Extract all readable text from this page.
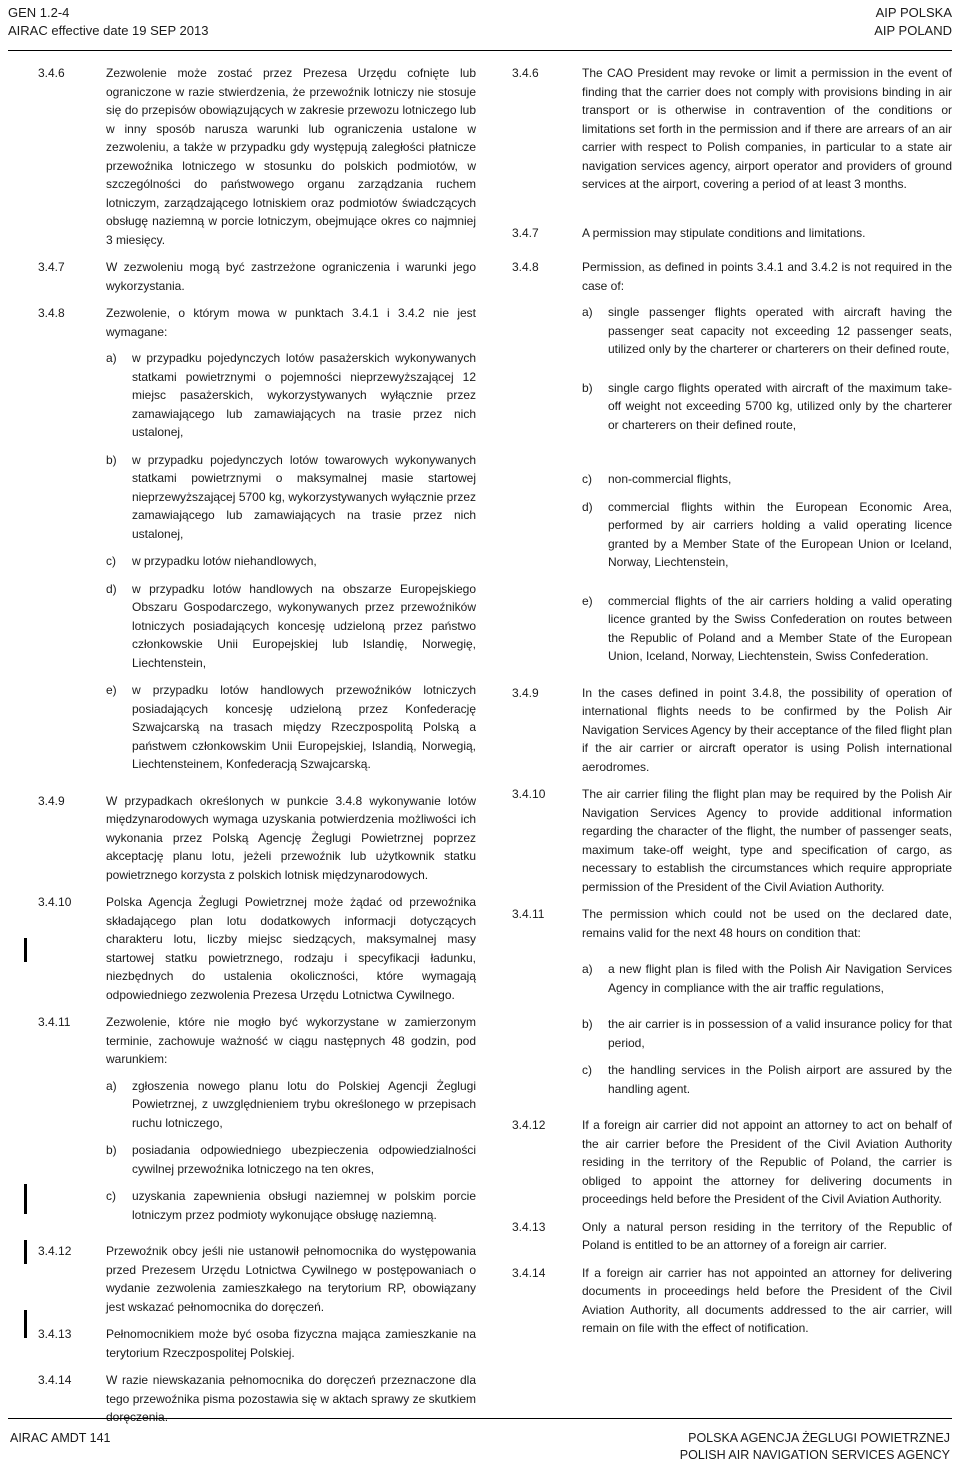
GEN 1.2-4
AIRAC effective date 19 SEP 2013
AIP POLSKA
AIP POLAND
3.4.6	Zezwolenie może zostać przez Prezesa Urzędu cofnięte lub ograniczone w razie stwierdzenia, że przewoźnik lotniczy nie stosuje się do przepisów obowiązujących w zakresie przewozu lotniczego lub w inny sposób narusza warunki lub ograniczenia ustalone w zezwoleniu, a także w przypadku gdy występują zaległości płatnicze przewoźnika lotniczego w stosunku do polskich podmiotów, w szczególności do państwowego organu zarządzania ruchem lotniczym, zarządzającego lotniskiem oraz podmiotów świadczących obsługę naziemną w porcie lotniczym, obejmujące okres co najmniej 3 miesięcy.

3.4.7	W zezwoleniu mogą być zastrzeżone ograniczenia i warunki jego wykorzystania.

3.4.8	Zezwolenie, o którym mowa w punktach 3.4.1 i 3.4.2 nie jest wymagane:

a)	w przypadku pojedynczych lotów pasażerskich wykonywanych statkami powietrznymi o pojemności nieprzewyższającej 12 miejsc pasażerskich, wykorzystywanych wyłącznie przez zamawiającego lub zamawiających na trasie przez nich ustalonej,
b)	w przypadku pojedynczych lotów towarowych wykonywanych statkami powietrznymi o maksymalnej masie startowej nieprzewyższającej 5700 kg, wykorzystywanych wyłącznie przez zamawiającego lub zamawiających na trasie przez nich ustalonej,
c)	w przypadku lotów niehandlowych,
d)	w przypadku lotów handlowych na obszarze Europejskiego Obszaru Gospodarczego, wykonywanych przez przewoźników lotniczych posiadających koncesję udzieloną przez państwo członkowskie Unii Europejskiej lub Islandię, Norwegię, Liechtenstein,
e)	w przypadku lotów handlowych przewoźników lotniczych posiadających koncesję udzieloną przez Konfederację Szwajcarską na trasach między Rzeczpospolitą Polską a państwem członkowskim Unii Europejskiej, Islandią, Norwegią, Liechtensteinem, Konfederacją Szwajcarską.
3.4.9	W przypadkach określonych w punkcie 3.4.8 wykonywanie lotów międzynarodowych wymaga uzyskania potwierdzenia możliwości ich wykonania przez Polską Agencję Żeglugi Powietrznej poprzez akceptację planu lotu, jeżeli przewoźnik lub użytkownik statku powietrznego korzysta z polskich lotnisk międzynarodowych.

3.4.10	Polska Agencja Żeglugi Powietrznej może żądać od przewoźnika składającego plan lotu dodatkowych informacji dotyczących charakteru lotu, liczby miejsc siedzących, maksymalnej masy startowej statku powietrznego, rodzaju i specyfikacji ładunku, niezbędnych do ustalenia okoliczności, które wymagają odpowiedniego zezwolenia Prezesa Urzędu Lotnictwa Cywilnego.

3.4.11	Zezwolenie, które nie mogło być wykorzystane w zamierzonym terminie, zachowuje ważność w ciągu następnych 48 godzin, pod warunkiem:

a)	zgłoszenia nowego planu lotu do Polskiej Agencji Żeglugi Powietrznej, z uwzględnieniem trybu określonego w przepisach ruchu lotniczego,
b)	posiadania odpowiedniego ubezpieczenia odpowiedzialności cywilnej przewoźnika lotniczego na ten okres,
c)	uzyskania zapewnienia obsługi naziemnej w polskim porcie lotniczym przez podmioty wykonujące obsługę naziemną.
3.4.12	Przewoźnik obcy jeśli nie ustanowił pełnomocnika do występowania przed Prezesem Urzędu Lotnictwa Cywilnego w postępowaniach o wydanie zezwolenia zamieszkałego na terytorium RP, obowiązany jest wskazać pełnomocnika do doręczeń.

3.4.13	Pełnomocnikiem może być osoba fizyczna mająca zamieszkanie na terytorium Rzeczpospolitej Polskiej.

3.4.14	W razie niewskazania pełnomocnika do doręczeń przeznaczone dla tego przewoźnika pisma pozostawia się w aktach sprawy ze skutkiem doręczenia.

3.4.6	The CAO President may revoke or limit a permission in the event of finding that the carrier does not comply with provisions binding in air transport or is otherwise in contravention of the conditions or limitations set forth in the permission and if there are arrears of an air carrier with respect to Polish companies, in particular to a state air navigation services agency, airport operator and providers of ground services at the airport, covering a period of at least 3 months.

3.4.7	A permission may stipulate conditions and limitations.

3.4.8	Permission, as defined in points 3.4.1 and 3.4.2 is not required in the case of:

a)	single passenger flights operated with aircraft having the passenger seat capacity not exceeding 12 passenger seats, utilized only by the charterer or charterers on their defined route,
b)	single cargo flights operated with aircraft of the maximum take-off weight not exceeding 5700 kg, utilized only by the charterer or charterers on their defined route,
c)	non-commercial flights,
d)	commercial flights within the European Economic Area, performed by air carriers holding a valid operating licence granted by a Member State of the European Union or Iceland, Norway, Liechtenstein,
e)	commercial flights of the air carriers holding a valid operating licence granted by the Swiss Confederation on routes between the Republic of Poland and a Member State of the European Union, Iceland, Norway, Liechtenstein, Swiss Confederation.
3.4.9	In the cases defined in point 3.4.8, the possibility of operation of international flights needs to be confirmed by the Polish Air Navigation Services Agency by their acceptance of the filed flight plan if the air carrier or aircraft operator is using Polish international aerodromes.

3.4.10	The air carrier filing the flight plan may be required by the Polish Air Navigation Services Agency to provide additional information regarding the character of the flight, the number of passenger seats, maximum take-off weight, type and specification of cargo, as necessary to establish the circumstances which require appropriate permission of the President of the Civil Aviation Authority.

3.4.11	The permission which could not be used on the declared date, remains valid for the next 48 hours on condition that:

a)	a new flight plan is filed with the Polish Air Navigation Services Agency in compliance with the air traffic regulations,
b)	the air carrier is in possession of a valid insurance policy for that period,
c)	the handling services in the Polish airport are assured by the handling agent.
3.4.12	If a foreign air carrier did not appoint an attorney to act on behalf of the air carrier before the President of the Civil Aviation Authority residing in the territory of the Republic of Poland, the carrier is obliged to appoint the attorney for delivering documents in proceedings held before the President of the Civil Aviation Authority.

3.4.13	Only a natural person residing in the territory of the Republic of Poland is entitled to be an attorney of a foreign air carrier.

3.4.14	If a foreign air carrier has not appointed an attorney for delivering documents in proceedings held before the President of the Civil Aviation Authority, all documents addressed to the air carrier, will remain on file with the effect of notification.

AIRAC AMDT 141	POLSKA AGENCJA ŻEGLUGI POWIETRZNEJ
POLISH AIR NAVIGATION SERVICES AGENCY
